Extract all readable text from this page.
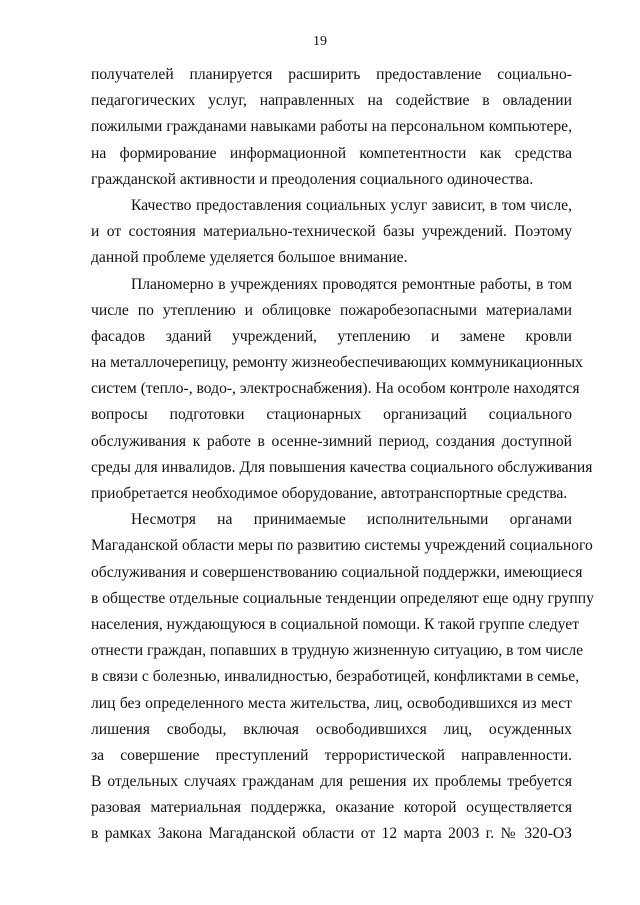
19
получателей планируется расширить предоставление социально-
педагогических услуг, направленных на содействие в овладении
пожилыми гражданами навыками работы на персональном компьютере,
на формирование информационной компетентности как средства
гражданской активности и преодоления социального одиночества.
Качество предоставления социальных услуг зависит, в том числе,
и от состояния материально-технической базы учреждений. Поэтому
данной проблеме уделяется большое внимание.
Планомерно в учреждениях проводятся ремонтные работы, в том
числе по утеплению и облицовке пожаробезопасными материалами
фасадов зданий учреждений, утеплению и замене кровли
на металлочерепицу, ремонту жизнеобеспечивающих коммуникационных
систем (тепло-, водо-, электроснабжения). На особом контроле находятся
вопросы подготовки стационарных организаций социального
обслуживания к работе в осенне-зимний период, создания доступной
среды для инвалидов. Для повышения качества социального обслуживания
приобретается необходимое оборудование, автотранспортные средства.
Несмотря на принимаемые исполнительными органами
Магаданской области меры по развитию системы учреждений социального
обслуживания и совершенствованию социальной поддержки, имеющиеся
в обществе отдельные социальные тенденции определяют еще одну группу
населения, нуждающуюся в социальной помощи. К такой группе следует
отнести граждан, попавших в трудную жизненную ситуацию, в том числе
в связи с болезнью, инвалидностью, безработицей, конфликтами в семье,
лиц без определенного места жительства, лиц, освободившихся из мест
лишения свободы, включая освободившихся лиц, осужденных
за совершение преступлений террористической направленности.
В отдельных случаях гражданам для решения их проблемы требуется
разовая материальная поддержка, оказание которой осуществляется
в рамках Закона Магаданской области от 12 марта 2003 г. № 320-ОЗ
